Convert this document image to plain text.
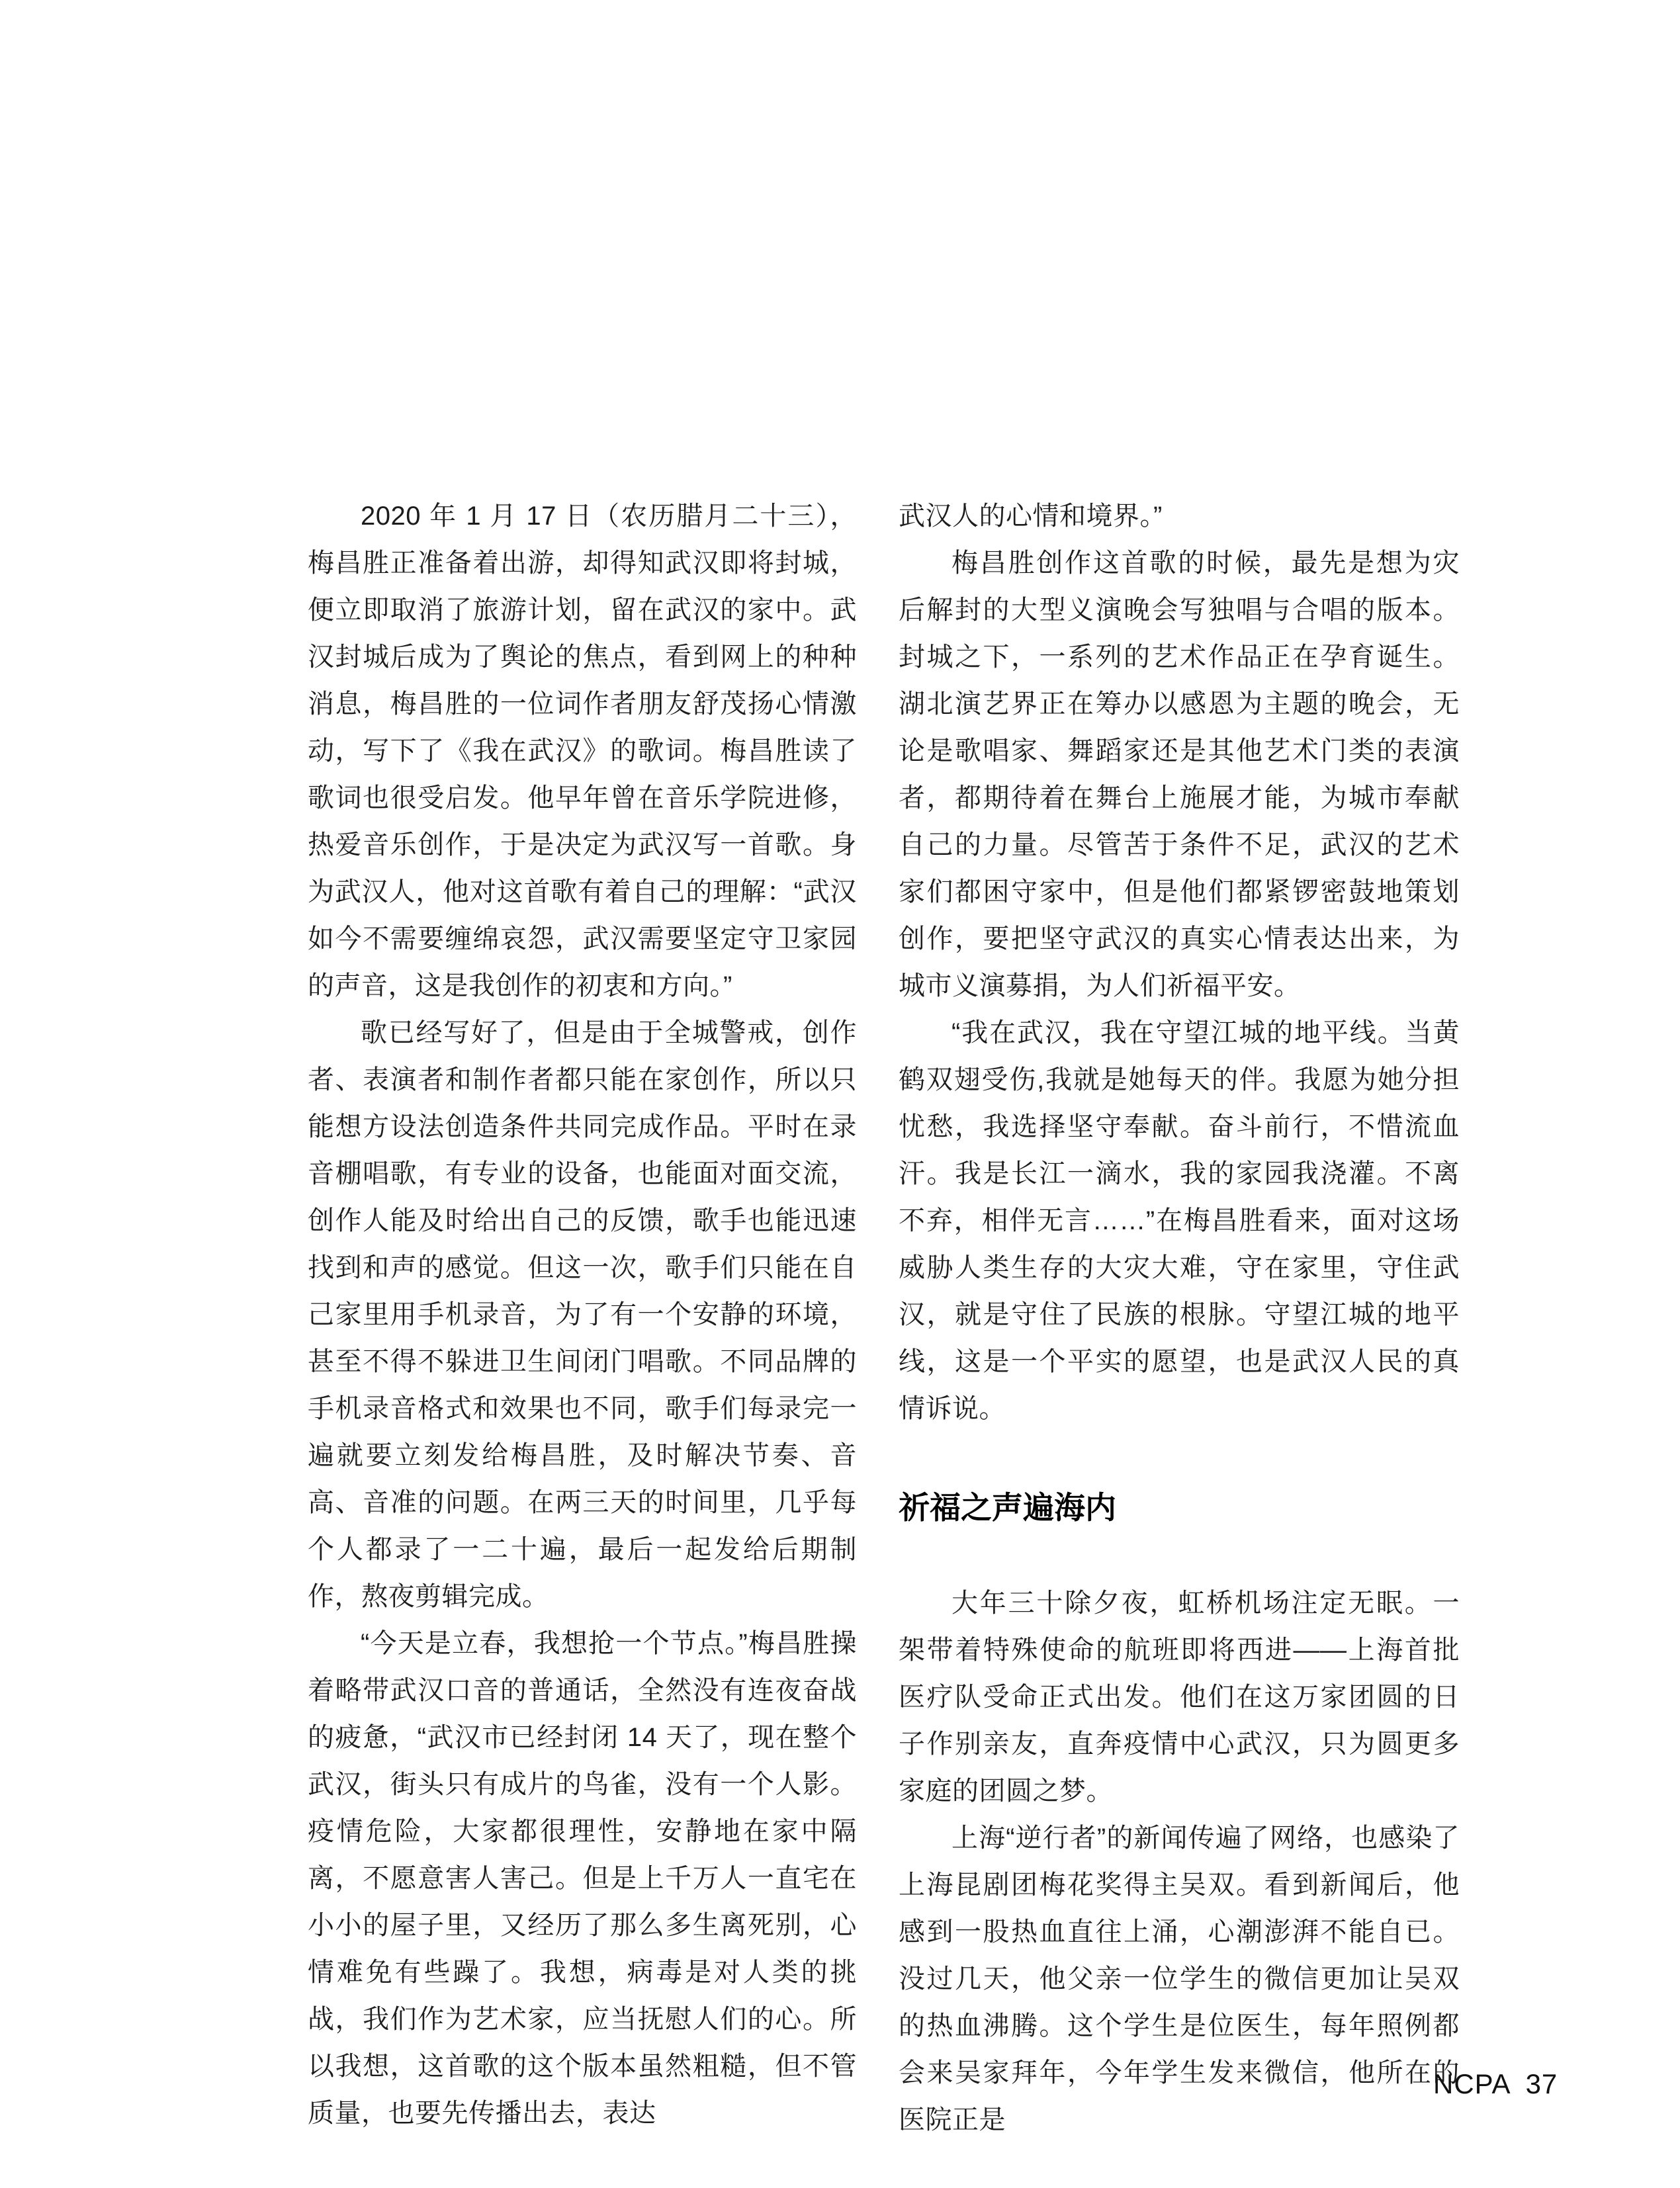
2020 年 1 月 17 日（农历腊月二十三），梅昌胜正准备着出游，却得知武汉即将封城，便立即取消了旅游计划，留在武汉的家中。武汉封城后成为了舆论的焦点，看到网上的种种消息，梅昌胜的一位词作者朋友舒茂扬心情激动，写下了《我在武汉》的歌词。梅昌胜读了歌词也很受启发。他早年曾在音乐学院进修，热爱音乐创作，于是决定为武汉写一首歌。身为武汉人，他对这首歌有着自己的理解：“武汉如今不需要缠绵哀怨，武汉需要坚定守卫家园的声音，这是我创作的初衷和方向。”

歌已经写好了，但是由于全城警戒，创作者、表演者和制作者都只能在家创作，所以只能想方设法创造条件共同完成作品。平时在录音棚唱歌，有专业的设备，也能面对面交流，创作人能及时给出自己的反馈，歌手也能迅速找到和声的感觉。但这一次，歌手们只能在自己家里用手机录音，为了有一个安静的环境，甚至不得不躲进卫生间闭门唱歌。不同品牌的手机录音格式和效果也不同，歌手们每录完一遍就要立刻发给梅昌胜，及时解决节奏、音高、音准的问题。在两三天的时间里，几乎每个人都录了一二十遍，最后一起发给后期制作，熬夜剪辑完成。

“今天是立春，我想抢一个节点。”梅昌胜操着略带武汉口音的普通话，全然没有连夜奋战的疲惫，“武汉市已经封闭 14 天了，现在整个武汉，街头只有成片的鸟雀，没有一个人影。疫情危险，大家都很理性，安静地在家中隔离，不愿意害人害己。但是上千万人一直宅在小小的屋子里，又经历了那么多生离死别，心情难免有些躁了。我想，病毒是对人类的挑战，我们作为艺术家，应当抚慰人们的心。所以我想，这首歌的这个版本虽然粗糙，但不管质量，也要先传播出去，表达

武汉人的心情和境界。”

梅昌胜创作这首歌的时候，最先是想为灾后解封的大型义演晚会写独唱与合唱的版本。封城之下，一系列的艺术作品正在孕育诞生。湖北演艺界正在筹办以感恩为主题的晚会，无论是歌唱家、舞蹈家还是其他艺术门类的表演者，都期待着在舞台上施展才能，为城市奉献自己的力量。尽管苦于条件不足，武汉的艺术家们都困守家中，但是他们都紧锣密鼓地策划创作，要把坚守武汉的真实心情表达出来，为城市义演募捐，为人们祈福平安。

“我在武汉，我在守望江城的地平线。当黄鹤双翅受伤,我就是她每天的伴。我愿为她分担忧愁，我选择坚守奉献。奋斗前行，不惜流血汗。我是长江一滴水，我的家园我浇灌。不离不弃，相伴无言……”在梅昌胜看来，面对这场威胁人类生存的大灾大难，守在家里，守住武汉，就是守住了民族的根脉。守望江城的地平线，这是一个平实的愿望，也是武汉人民的真情诉说。

祈福之声遍海内

大年三十除夕夜，虹桥机场注定无眠。一架带着特殊使命的航班即将西进——上海首批医疗队受命正式出发。他们在这万家团圆的日子作别亲友，直奔疫情中心武汉，只为圆更多家庭的团圆之梦。

上海“逆行者”的新闻传遍了网络，也感染了上海昆剧团梅花奖得主吴双。看到新闻后，他感到一股热血直往上涌，心潮澎湃不能自已。没过几天，他父亲一位学生的微信更加让吴双的热血沸腾。这个学生是位医生，每年照例都会来吴家拜年，今年学生发来微信，他所在的医院正是

NCPA 37
